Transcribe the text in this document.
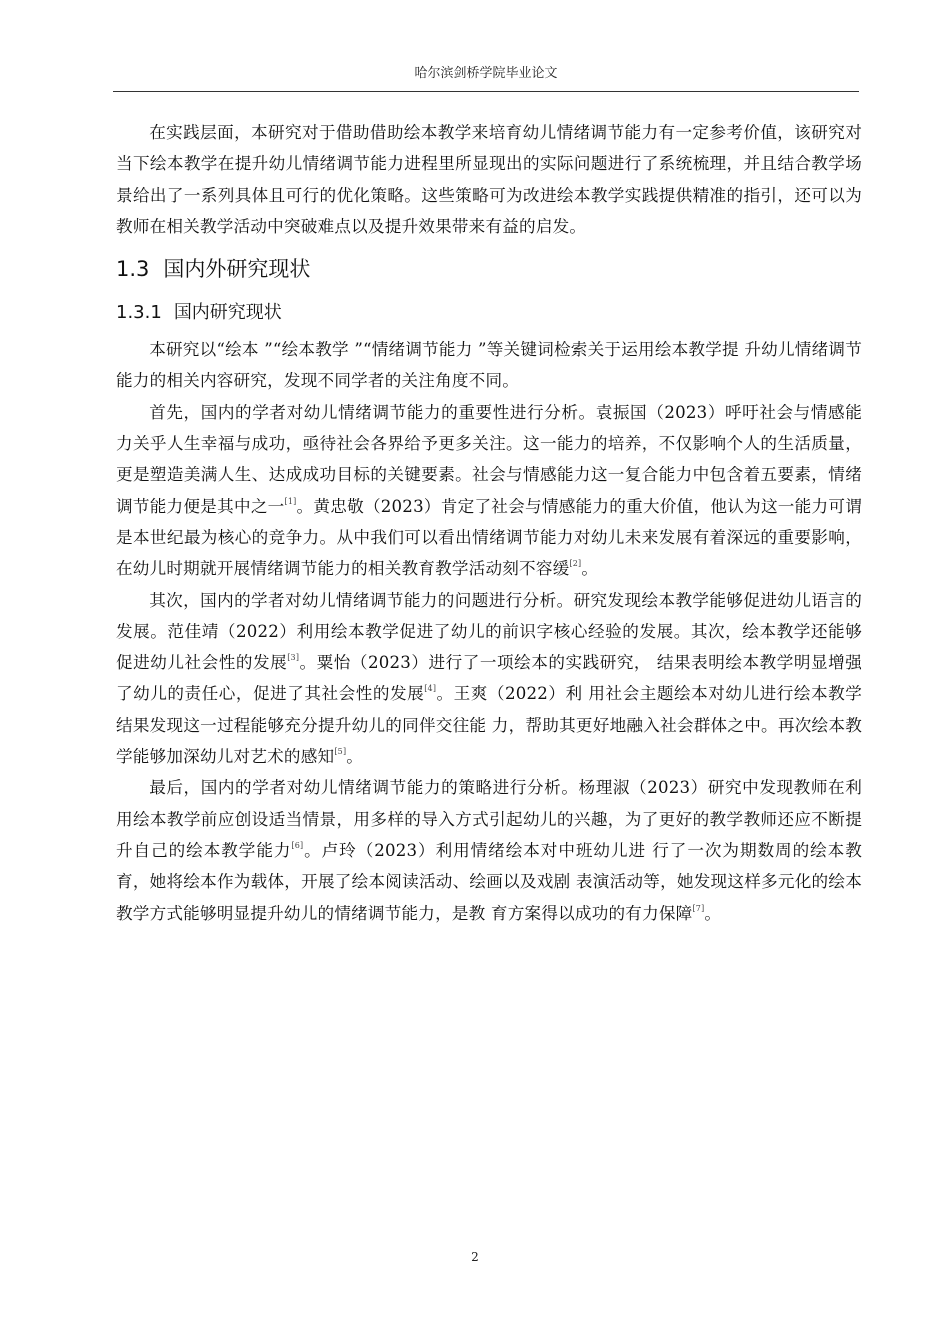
哈尔滨剑桥学院毕业论文

在实践层面，本研究对于借助借助绘本教学来培育幼儿情绪调节能力有一定参考价值，该研究对当下绘本教学在提升幼儿情绪调节能力进程里所显现出的实际问题进行了系统梳理，并且结合教学场景给出了一系列具体且可行的优化策略。这些策略可为改进绘本教学实践提供精准的指引，还可以为教师在相关教学活动中突破难点以及提升效果带来有益的启发。

1.3 国内外研究现状
1.3.1 国内研究现状

本研究以“绘本 ”“绘本教学 ”“情绪调节能力 ”等关键词检索关于运用绘本教学提 升幼儿情绪调节能力的相关内容研究，发现不同学者的关注角度不同。

首先，国内的学者对幼儿情绪调节能力的重要性进行分析。袁振国（2023）呼吁社会与情感能力关乎人生幸福与成功，亟待社会各界给予更多关注。这一能力的培养，不仅影响个人的生活质量，更是塑造美满人生、达成成功目标的关键要素。社会与情感能力这一复合能力中包含着五要素，情绪调节能力便是其中之一[1]。黄忠敬（2023）肯定了社会与情感能力的重大价值，他认为这一能力可谓是本世纪最为核心的竞争力。从中我们可以看出情绪调节能力对幼儿未来发展有着深远的重要影响，在幼儿时期就开展情绪调节能力的相关教育教学活动刻不容缓[2]。

其次，国内的学者对幼儿情绪调节能力的问题进行分析。研究发现绘本教学能够促进幼儿语言的发展。范佳靖（2022）利用绘本教学促进了幼儿的前识字核心经验的发展。其次，绘本教学还能够促进幼儿社会性的发展[3]。粟怡（2023）进行了一项绘本的实践研究， 结果表明绘本教学明显增强了幼儿的责任心，促进了其社会性的发展[4]。王爽（2022）利 用社会主题绘本对幼儿进行绘本教学结果发现这一过程能够充分提升幼儿的同伴交往能 力，帮助其更好地融入社会群体之中。再次绘本教学能够加深幼儿对艺术的感知[5]。

最后，国内的学者对幼儿情绪调节能力的策略进行分析。杨理淑（2023）研究中发现教师在利用绘本教学前应创设适当情景，用多样的导入方式引起幼儿的兴趣，为了更好的教学教师还应不断提升自己的绘本教学能力[6]。卢玲（2023）利用情绪绘本对中班幼儿进 行了一次为期数周的绘本教育，她将绘本作为载体，开展了绘本阅读活动、绘画以及戏剧 表演活动等，她发现这样多元化的绘本教学方式能够明显提升幼儿的情绪调节能力，是教 育方案得以成功的有力保障[7]。

2
